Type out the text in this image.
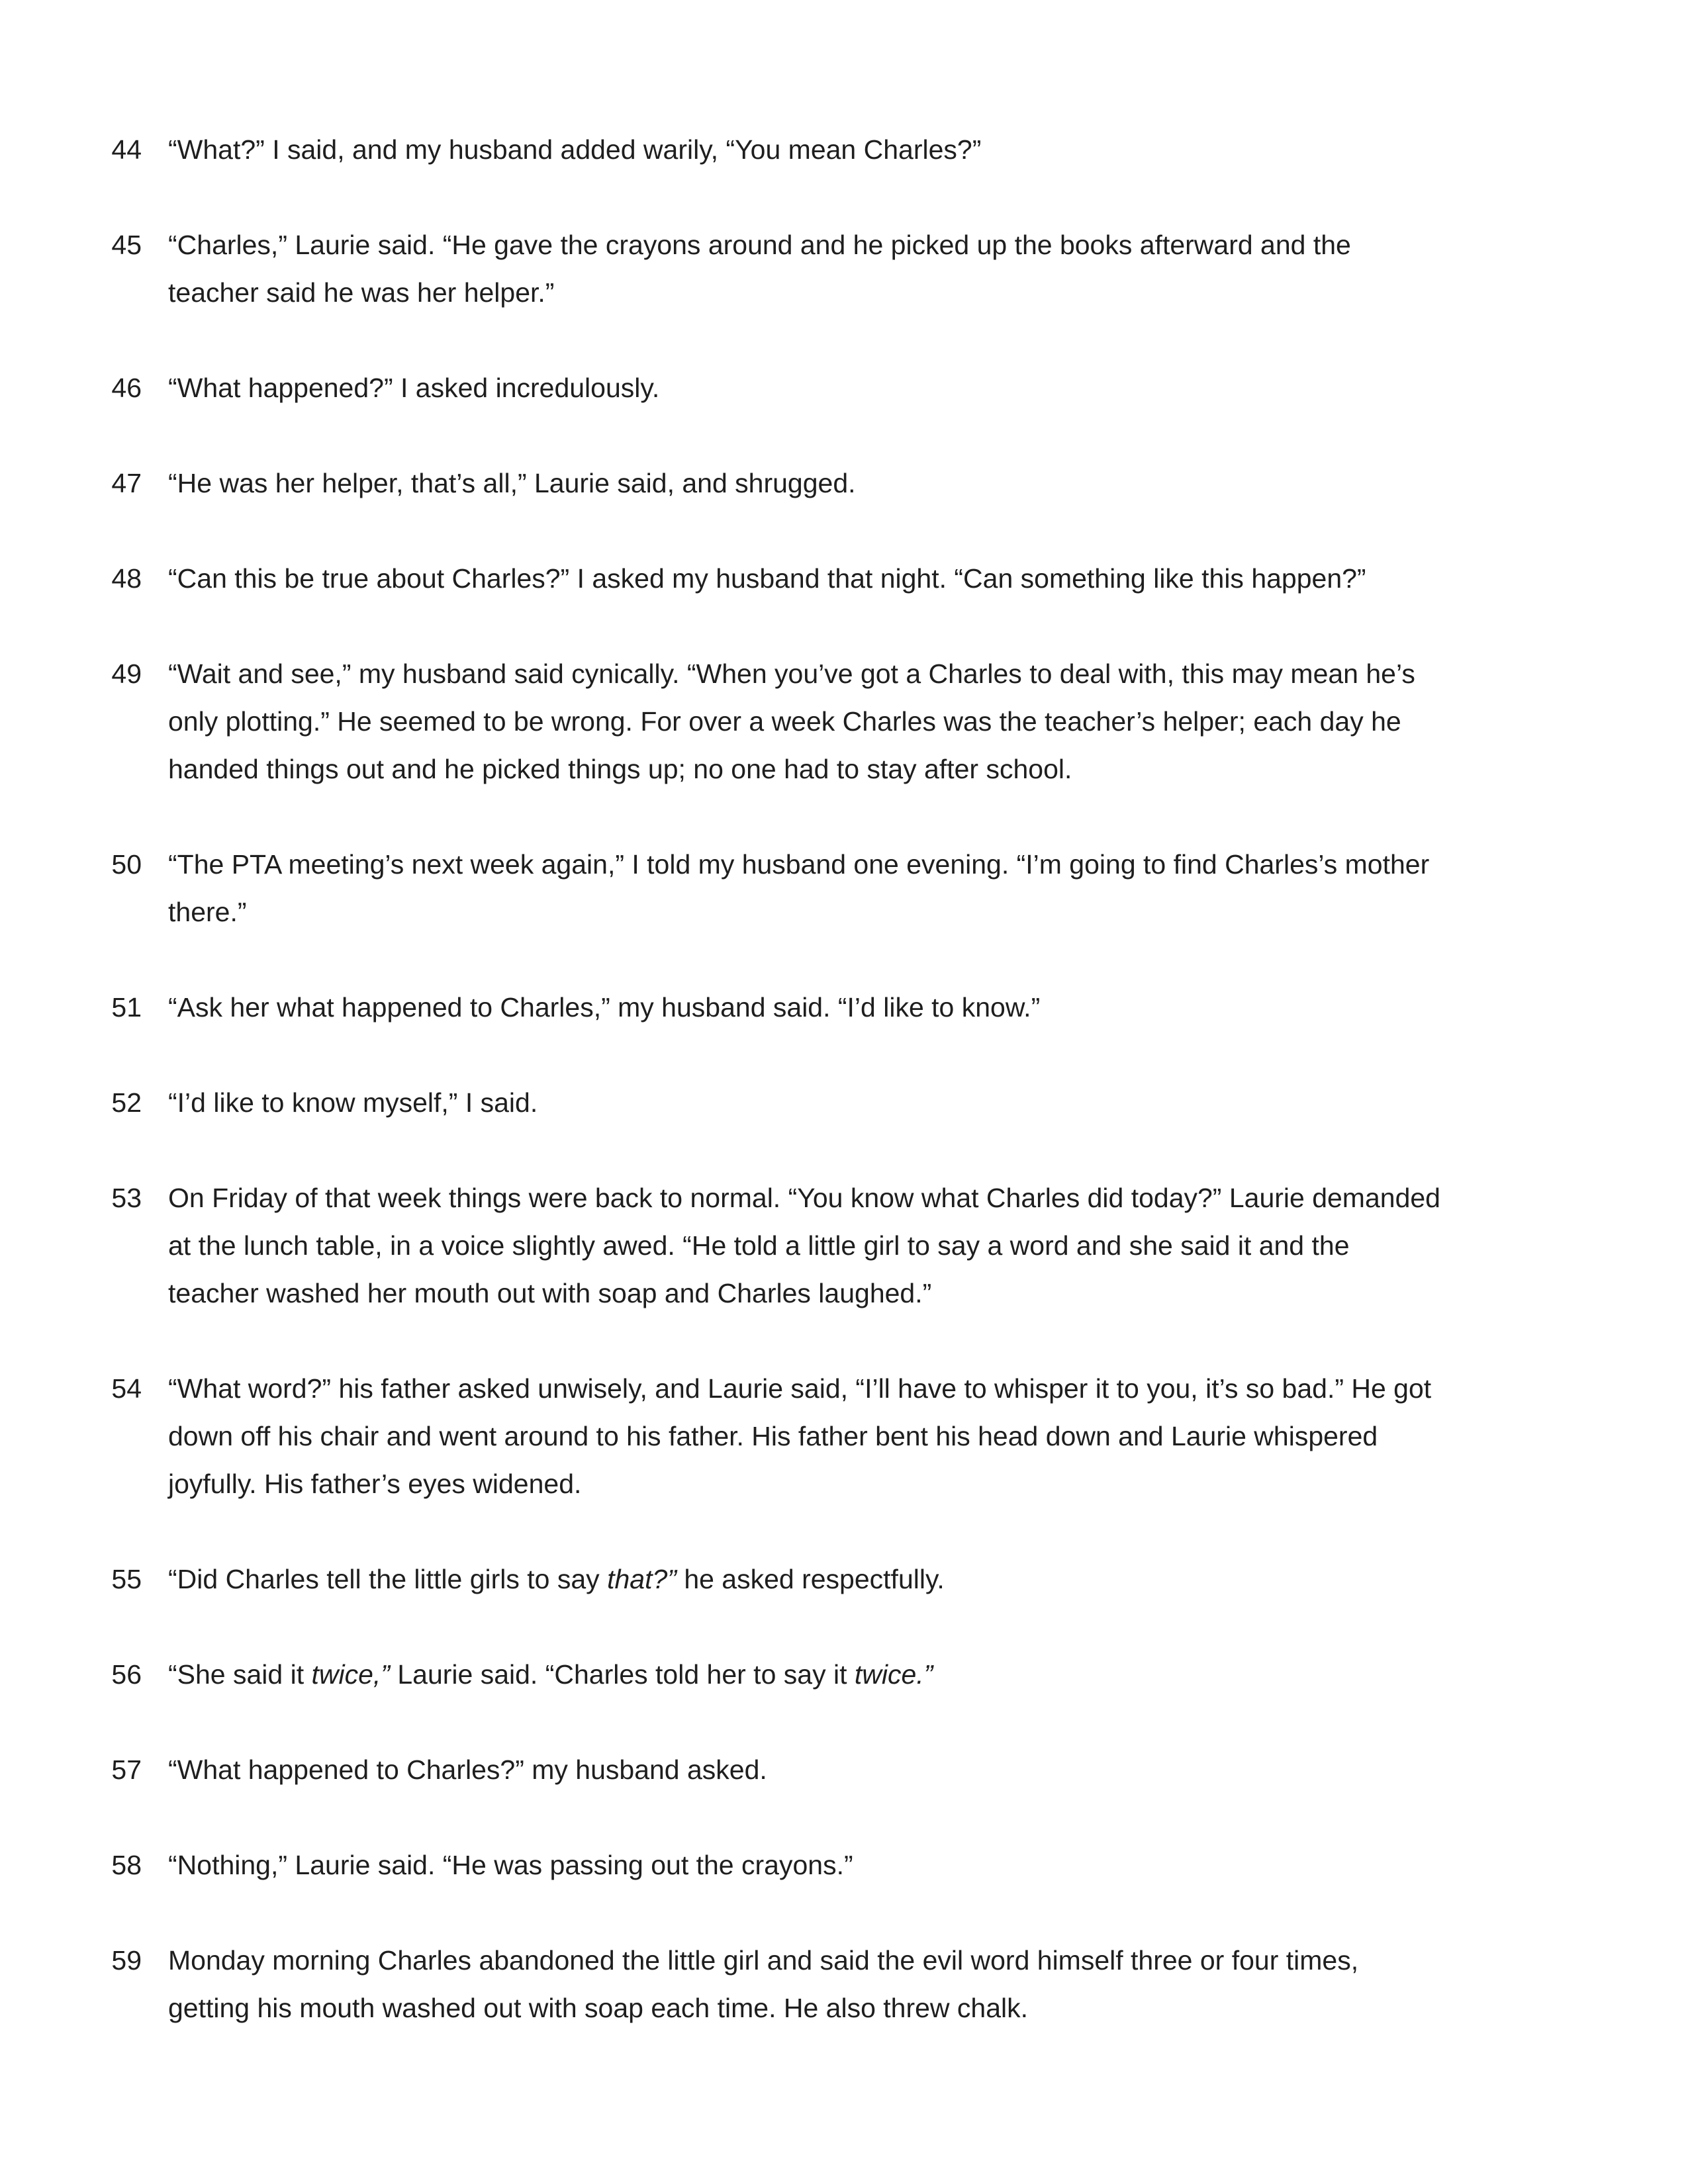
44 “What?” I said, and my husband added warily, “You mean Charles?”
45 “Charles,” Laurie said. “He gave the crayons around and he picked up the books afterward and the
teacher said he was her helper.”
46 “What happened?” I asked incredulously.
47 “He was her helper, that’s all,” Laurie said, and shrugged.
48 “Can this be true about Charles?” I asked my husband that night. “Can something like this happen?”
49 “Wait and see,” my husband said cynically. “When you’ve got a Charles to deal with, this may mean he’s
only plotting.” He seemed to be wrong. For over a week Charles was the teacher’s helper; each day he
handed things out and he picked things up; no one had to stay after school.
50 “The PTA meeting’s next week again,” I told my husband one evening. “I’m going to find Charles’s mother
there.”
51 “Ask her what happened to Charles,” my husband said. “I’d like to know.”
52 “I’d like to know myself,” I said.
53 On Friday of that week things were back to normal. “You know what Charles did today?” Laurie demanded
at the lunch table, in a voice slightly awed. “He told a little girl to say a word and she said it and the
teacher washed her mouth out with soap and Charles laughed.”
54 “What word?” his father asked unwisely, and Laurie said, “I’ll have to whisper it to you, it’s so bad.” He got
down off his chair and went around to his father. His father bent his head down and Laurie whispered
joyfully. His father’s eyes widened.
55 “Did Charles tell the little girls to say that?” he asked respectfully.
56 “She said it twice,” Laurie said. “Charles told her to say it twice.”
57 “What happened to Charles?” my husband asked.
58 “Nothing,” Laurie said. “He was passing out the crayons.”
59 Monday morning Charles abandoned the little girl and said the evil word himself three or four times,
getting his mouth washed out with soap each time. He also threw chalk.
